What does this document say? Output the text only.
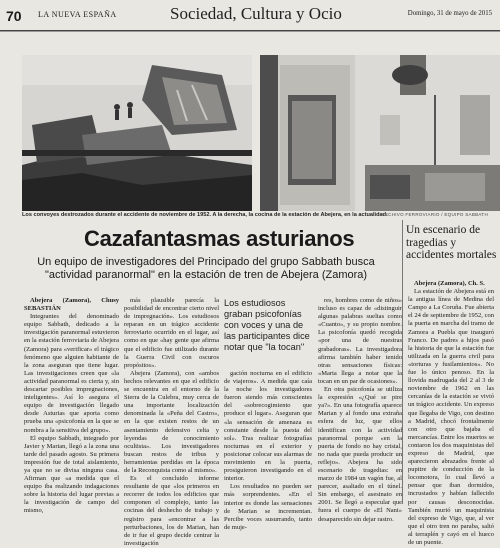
70 LA NUEVA ESPAÑA	Sociedad, Cultura y Ocio	Domingo, 31 de mayo de 2015
Los convoyes destrozados durante el accidente de noviembre de 1952. A la derecha, la cocina de la estación de Abejera, en la actualidad.
ARCHIVO FERROVIARIO / EQUIPO SABBATH
Cazafantasmas asturianos
Un equipo de investigadores del Principado del grupo Sabbath busca "actividad paranormal" en la estación de tren de Abejera (Zamora)

Abejera (Zamora), Chusy SEBASTIÁN

Integrantes del denominado equipo Sabbath, dedicado a la investigación paranormal estuvieron en la estación ferroviaria de Abejera (Zamora) para «verificar» el trágico fenómeno que alguien habitante de la zona aseguran que tiene lugar. Las investigaciones creen que «la actividad paranormal es cierta y, sin descartar posibles impregnaciones, inteligentes». Así lo asegura el equipo de investigación llegado desde Asturias que aporta como prueba una «psicofonía en la que se nombra a la sensitiva del grupo».

El equipo Sabbath, integrado por Javier y Marian, llegó a la zona una tarde del pasado agosto. Su primera impresión fue de total aislamiento, ya que no se divisa ninguna casa. Afirman que «a medida que el equipo iba realizando indagaciones sobre la historia del lugar previas a la investigación de campo del mismo,

más plausible parecía la posibilidad de encontrar cierto nivel de impregnación». Los estudiosos reparan en un trágico accidente ferroviario ocurrido en el lugar, así como en que «hay gente que afirma que el edificio fue utilizado durante la Guerra Civil con oscuros propósitos».

Abejera (Zamora), con «ambos hechos relevantes en que el edificio se encuentra en el entorno de la Sierra de la Culebra, muy cerca de una importante localización denominada la «Peña del Castro», en la que existen restos de un asentamiento defensivo celta y leyendas de conocimiento ocultista». Los investigadores buscan restos de tribus y herramientas perdidas en la época de la Reconquista como al mismo».

Es el concluido informe resultante de que «los primeros en recorrer de todos los edificios que componen el complejo, tanto las cocinas del deshecho de trabajo y registro para «encontrar a las perturbaciones, los de Marian, han de ir fue el grupo decide centrar la investigación

Los estudiosos graban psicofonías con voces y una de las participantes dice notar que "la tocan"

gación nocturna en el edificio de viajeros». A medida que caía la noche los investigadores fueron siendo más conscientes del «sobrecogimiento que produce el lugar». Aseguran que «la sensación de amenaza es constante desde la puesta del sol». Tras realizar fotografías nocturnas en el exterior y posicionar colocar sus alarmas de movimiento en la puerta, prosiguieron investigando en el interior.

Los resultados no pueden ser más sorprendentes. «En el interior es donde las sensaciones de Marian se incrementan. Percibe voces susurrando, tanto de muje-

res, hombres como de niños» incluso es capaz de «distinguir algunas palabras sueltas como «Cuanto», y su propio nombre. La psicofonía quedó recogida «por una de nuestras grabadoras». La investigadora afirma también haber tenido otras sensaciones físicas: «Marta llega a notar que la tocan en un par de ocasiones».

En otra psicofonía se utiliza la expresión «¿Qué se pire ya?». En una fotografía aparece Marian y al fondo una extraña esfera de luz, que ellos identifican con la actividad paranormal porque «en la puerta de fondo no hay cristal, no nada que pueda producir un reflejo». Abejera ha sido escenario de tragedias: en marzo de 1984 un vagón fue, al parecer, asaltado en el túnel. Sin embargo, el asesinato en 2001. Se llegó a especular que fuera el cuerpo de «El Nani» desaparecido sin dejar rastro.

Un escenario de tragedias y accidentes mortales

Abejera (Zamora), Ch. S.

La estación de Abejera está en la antigua línea de Medina del Campo a La Coruña. Fue abierta el 24 de septiembre de 1952, con la puerta en marcha del tramo de Zamora a Puebla que inauguró Franco. De padres a hijos pasó la historia de que la estación fue utilizada en la guerra civil para «torturas y fusilamientos». No fue lo único penoso. En la llovida madrugada del 2 al 3 de noviembre de 1962 en las cercanías de la estación se vivió un trágico accidente. Un expreso que llegaba de Vigo, con destino a Madrid, chocó frontalmente con otro que bajaba el mercancías. Entre los muertos se contaron los dos maquinistas del expreso de Madrid, que aparecieron abrazados frente al pupitre de conducción de la locomotora, lo cual llevó a pensar que iban dormidos, incrustados y habían fallecido por causas desconocidas. También murió un maquinista del expreso de Vigo, que, al ver que el otro tren no paraba, saltó al terraplén y cayó en el hueco de un puente.
